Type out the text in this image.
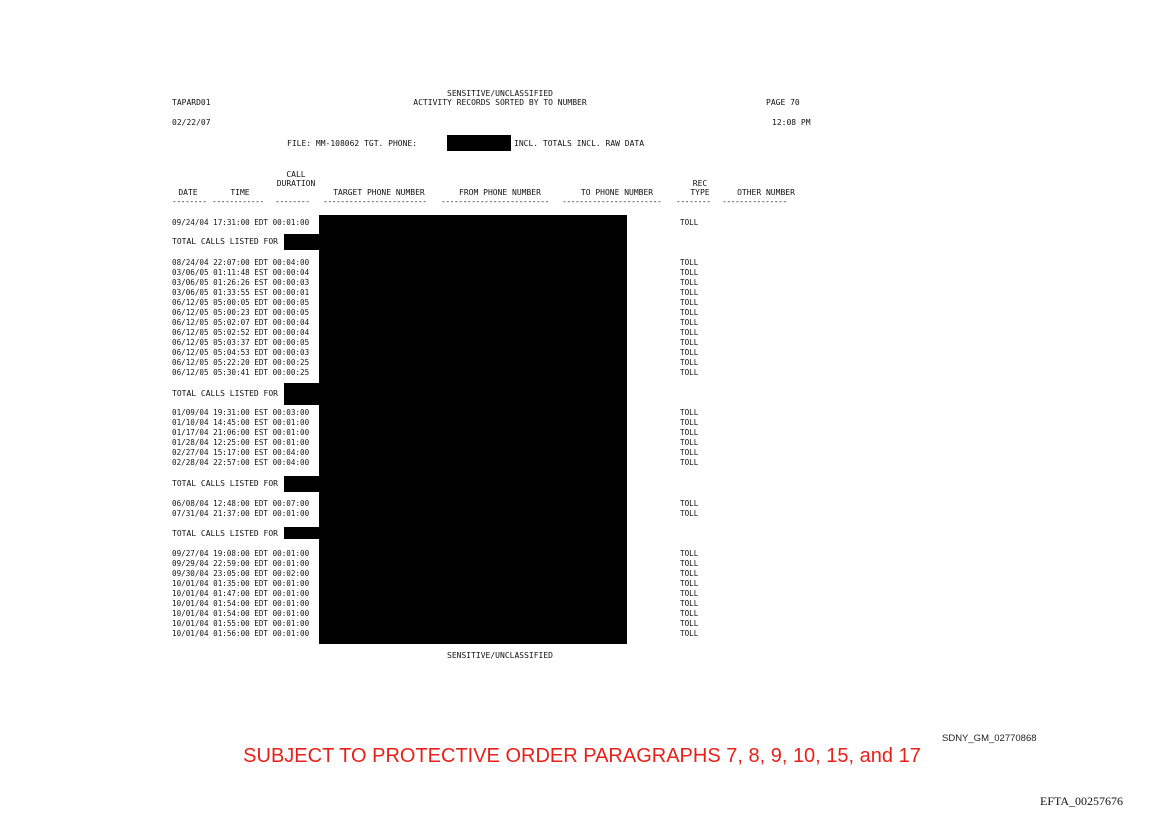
TAPARD01
02/22/07
SENSITIVE/UNCLASSIFIED
ACTIVITY RECORDS SORTED BY TO NUMBER	PAGE 70
12:08 PM
FILE: MM-108062 TGT. PHONE:	INCL. TOTALS INCL. RAW DATA
DATE	TIME
CALL
DURATION
TARGET PHONE NUMBER	FROM PHONE NUMBER	TO PHONE NUMBER
REC
TYPE	OTHER NUMBER
-------- ------------	--------	------------------------	-------------------------	-----------------------	--------	---------------
09/24/04 17:31:00 EDT 00:01:00	TOLL
TOTAL CALLS LISTED FOR
08/24/04 22:07:00 EDT 00:04:00	TOLL
03/06/05 01:11:48 EST 00:00:04	TOLL
03/06/05 01:26:26 EST 00:00:03	TOLL
03/06/05 01:33:55 EST 00:00:01	TOLL
06/12/05 05:00:05 EDT 00:00:05	TOLL
06/12/05 05:00:23 EDT 00:00:05	TOLL
06/12/05 05:02:07 EDT 00:00:04	TOLL
06/12/05 05:02:52 EDT 00:00:04	TOLL
06/12/05 05:03:37 EDT 00:00:05	TOLL
06/12/05 05:04:53 EDT 00:00:03	TOLL
06/12/05 05:22:20 EDT 00:00:25	TOLL
06/12/05 05:30:41 EDT 00:00:25	TOLL
TOTAL CALLS LISTED FOR
01/09/04 19:31:00 EST 00:03:00	TOLL
01/10/04 14:45:00 EST 00:01:00	TOLL
01/17/04 21:06:00 EST 00:01:00	TOLL
01/28/04 12:25:00 EST 00:01:00	TOLL
02/27/04 15:17:00 EST 00:04:00	TOLL
02/28/04 22:57:00 EST 00:04:00	TOLL
TOTAL CALLS LISTED FOR
06/08/04 12:48:00 EDT 00:07:00	TOLL
07/31/04 21:37:00 EDT 00:01:00	TOLL
TOTAL CALLS LISTED FOR
09/27/04 19:08:00 EDT 00:01:00	TOLL
09/29/04 22:59:00 EDT 00:01:00	TOLL
09/30/04 23:05:00 EDT 00:02:00	TOLL
10/01/04 01:35:00 EDT 00:01:00	TOLL
10/01/04 01:47:00 EDT 00:01:00	TOLL
10/01/04 01:54:00 EDT 00:01:00	TOLL
10/01/04 01:54:00 EDT 00:01:00	TOLL
10/01/04 01:55:00 EDT 00:01:00	TOLL
10/01/04 01:56:00 EDT 00:01:00	TOLL
SENSITIVE/UNCLASSIFIED
SDNY_GM_02770868
SUBJECT TO PROTECTIVE ORDER PARAGRAPHS 7, 8, 9, 10, 15, and 17
EFTA_00257676
